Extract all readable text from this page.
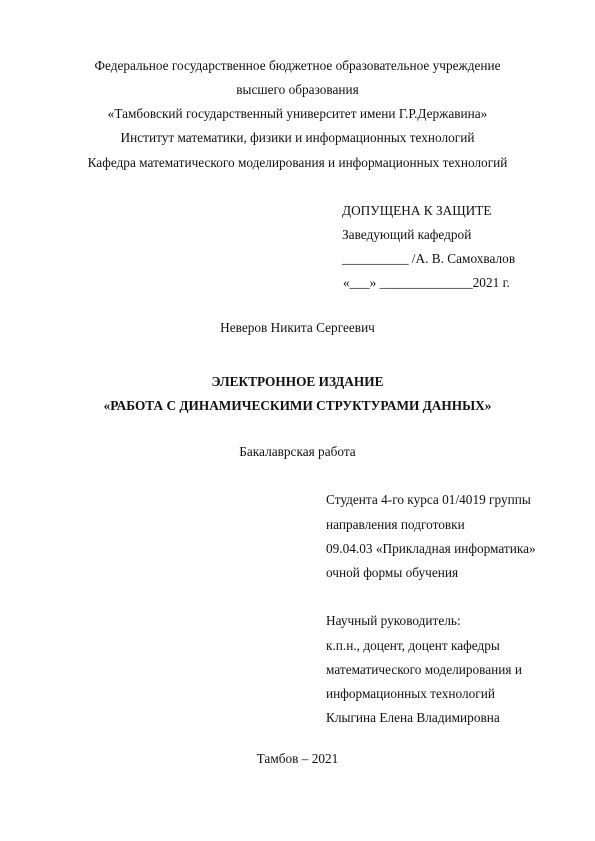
Федеральное государственное бюджетное образовательное учреждение
высшего образования
«Тамбовский государственный университет имени Г.Р.Державина»
Институт математики, физики и информационных технологий
Кафедра математического моделирования и информационных технологий
ДОПУЩЕНА К ЗАЩИТЕ
Заведующий кафедрой
__________ /А. В. Самохвалов
«___» ______________2021 г.
Неверов Никита Сергеевич
ЭЛЕКТРОННОЕ ИЗДАНИЕ
«РАБОТА С ДИНАМИЧЕСКИМИ СТРУКТУРАМИ ДАННЫХ»
Бакалаврская работа
Студента 4-го курса 01/4019 группы
направления подготовки
09.04.03 «Прикладная информатика»
очной формы обучения
Научный руководитель:
к.п.н., доцент, доцент кафедры
математического моделирования и
информационных технологий
Клыгина Елена Владимировна
Тамбов – 2021
